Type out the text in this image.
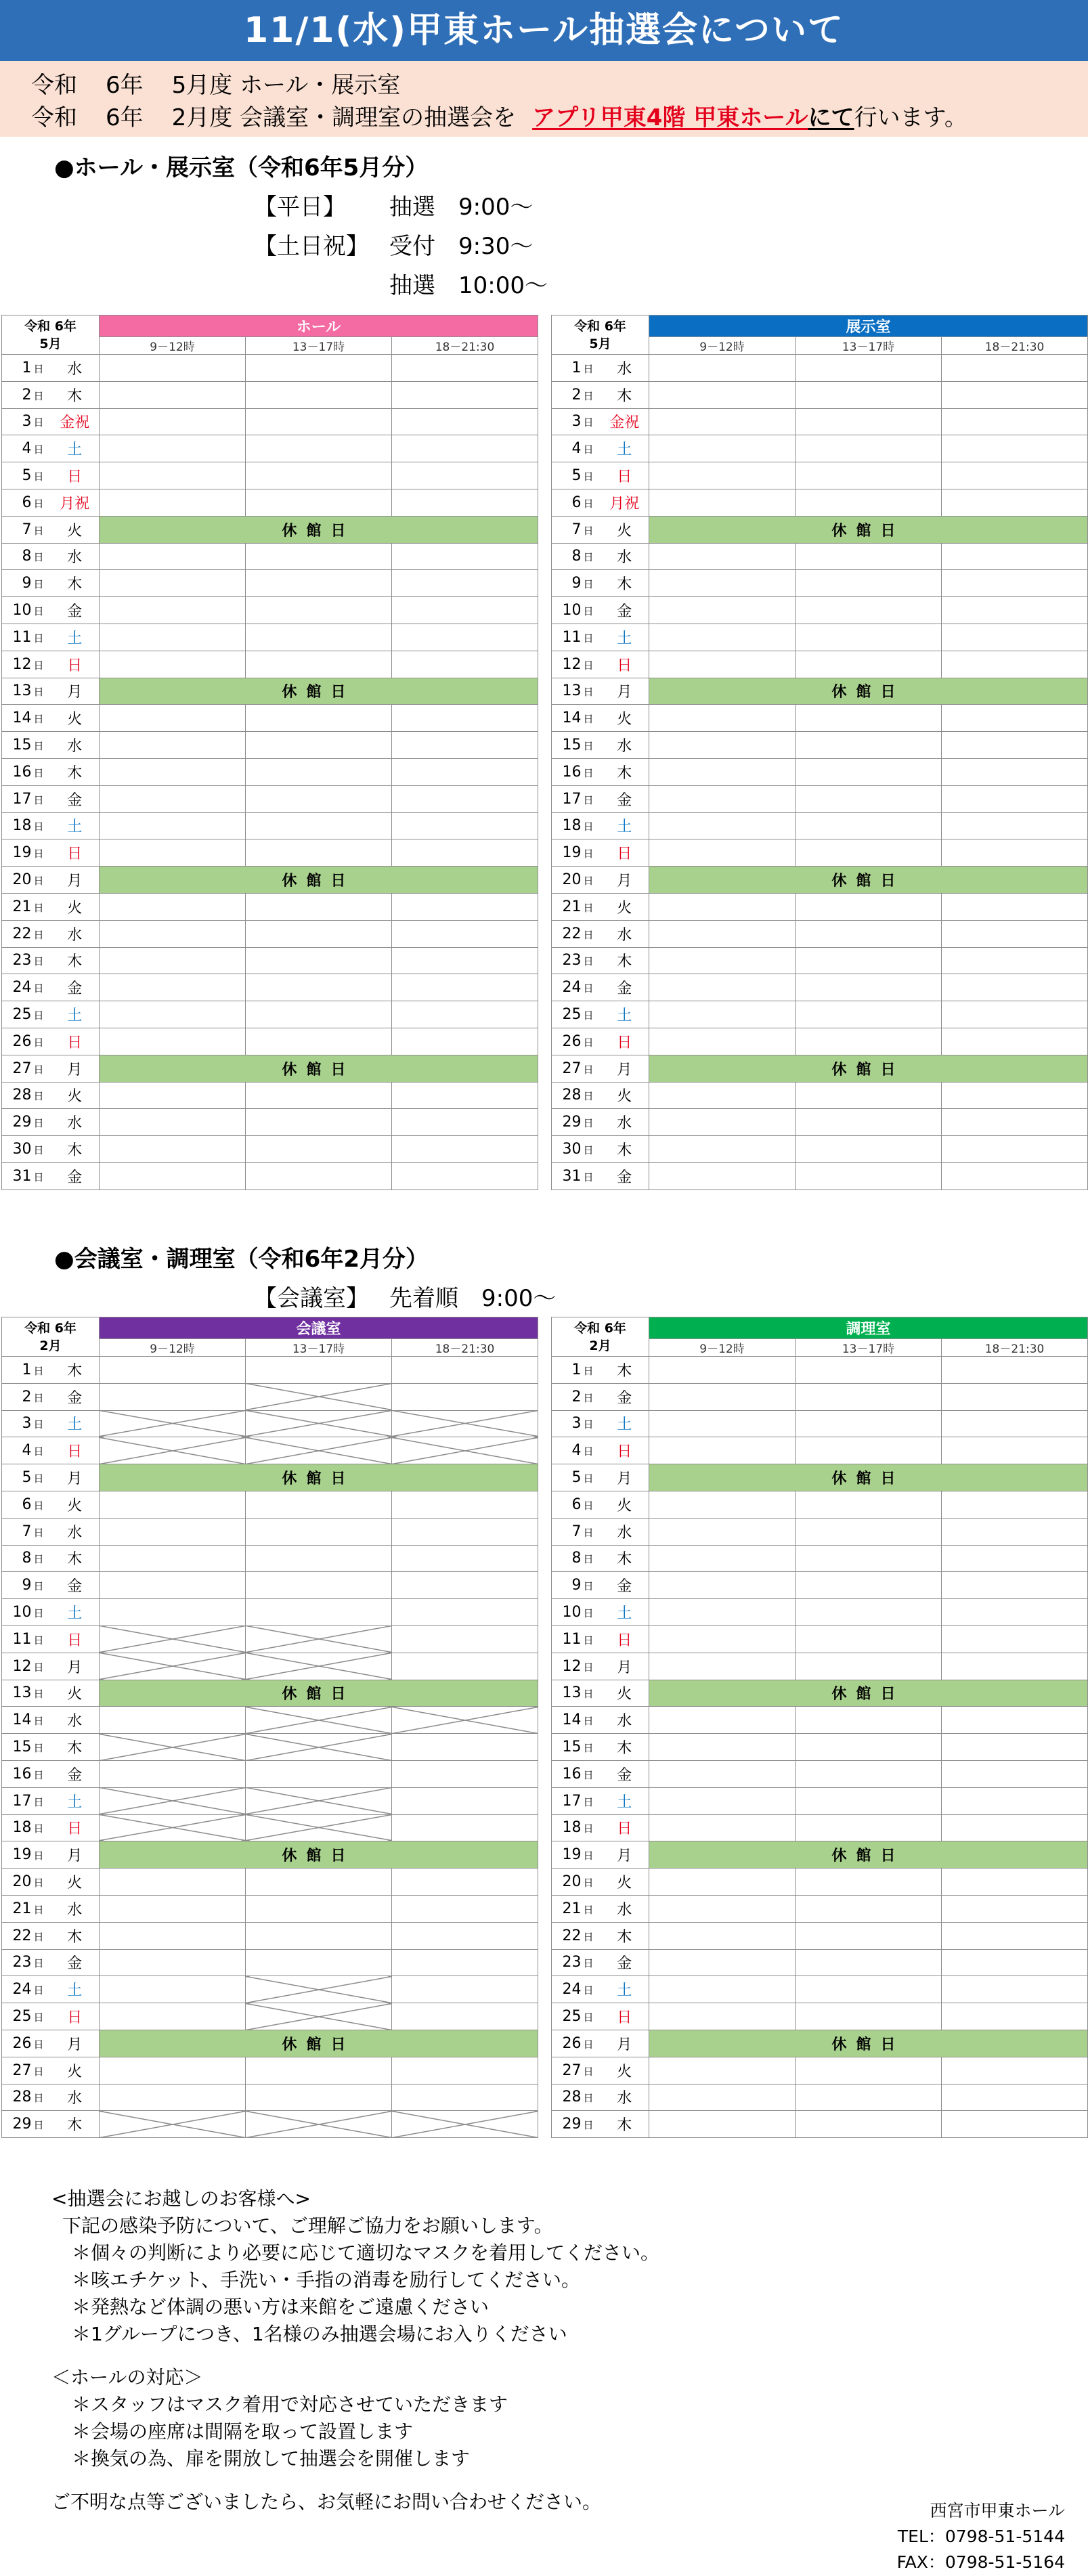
11/1(水)甲東ホール抽選会について
令和 6年 5月度 ホール・展示室
令和 6年 2月度 会議室・調理室の抽選会を アプリ甲東4階 甲東ホールにて行います。
●ホール・展示室（令和6年5月分）
【平日】 抽選　9:00〜
【土日祝】 受付　9:30〜
抽選　10:00〜
●会議室・調理室（令和6年2月分）
【会議室】 先着順　9:00〜
令和 6年
5月		ホール		
		9－12時	13－17時	18－21:30
1 日	水			
2 日	木			
3 日	金祝			
4 日	土			
5 日	日			
6 日	月祝			
7 日	火	休館日		
8 日	水			
9 日	木			
10 日	金			
11 日	土			
12 日	日			
13 日	月	休館日		
14 日	火			
15 日	水			
16 日	木			
17 日	金			
18 日	土			
19 日	日			
20 日	月	休館日		
21 日	火			
22 日	水			
23 日	木			
24 日	金			
25 日	土			
26 日	日			
27 日	月	休館日		
28 日	火			
29 日	水			
30 日	木			
31 日	金			
令和 6年
5月		展示室		
		9－12時	13－17時	18－21:30
1 日	水			
2 日	木			
3 日	金祝			
4 日	土			
5 日	日			
6 日	月祝			
7 日	火	休館日		
8 日	水			
9 日	木			
10 日	金			
11 日	土			
12 日	日			
13 日	月	休館日		
14 日	火			
15 日	水			
16 日	木			
17 日	金			
18 日	土			
19 日	日			
20 日	月	休館日		
21 日	火			
22 日	水			
23 日	木			
24 日	金			
25 日	土			
26 日	日			
27 日	月	休館日		
28 日	火			
29 日	水			
30 日	木			
31 日	金			
令和 6年
2月		会議室		
		9－12時	13－17時	18－21:30
1 日	木			
2 日	金			
3 日	土			
4 日	日			
5 日	月	休館日		
6 日	火			
7 日	水			
8 日	木			
9 日	金			
10 日	土			
11 日	日			
12 日	月			
13 日	火	休館日		
14 日	水			
15 日	木			
16 日	金			
17 日	土			
18 日	日			
19 日	月	休館日		
20 日	火			
21 日	水			
22 日	木			
23 日	金			
24 日	土			
25 日	日			
26 日	月	休館日		
27 日	火			
28 日	水			
29 日	木			
令和 6年
2月		調理室		
		9－12時	13－17時	18－21:30
1 日	木			
2 日	金			
3 日	土			
4 日	日			
5 日	月	休館日		
6 日	火			
7 日	水			
8 日	木			
9 日	金			
10 日	土			
11 日	日			
12 日	月			
13 日	火	休館日		
14 日	水			
15 日	木			
16 日	金			
17 日	土			
18 日	日			
19 日	月	休館日		
20 日	火			
21 日	水			
22 日	木			
23 日	金			
24 日	土			
25 日	日			
26 日	月	休館日		
27 日	火			
28 日	水			
29 日	木			
<抽選会にお越しのお客様へ>
下記の感染予防について、ご理解ご協力をお願いします。
＊個々の判断により必要に応じて適切なマスクを着用してください。
＊咳エチケット、手洗い・手指の消毒を励行してください。
＊発熱など体調の悪い方は来館をご遠慮ください
＊1グループにつき、1名様のみ抽選会場にお入りください
＜ホールの対応＞
＊スタッフはマスク着用で対応させていただきます
＊会場の座席は間隔を取って設置します
＊換気の為、扉を開放して抽選会を開催します
ご不明な点等ございましたら、お気軽にお問い合わせください。	西宮市甲東ホール
TEL：0798-51-5144
FAX：0798-51-5164
